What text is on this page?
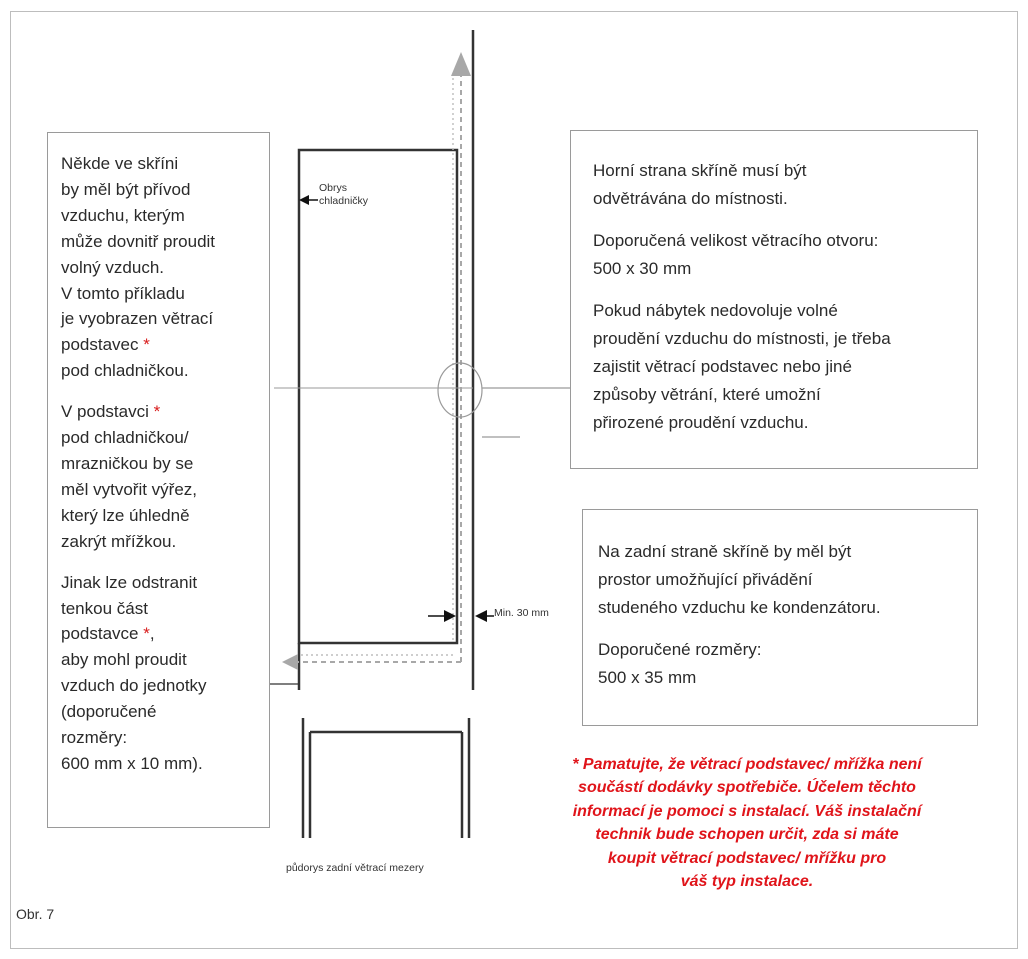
Někde ve skříni
by měl být přívod
vzduchu, kterým
může dovnitř proudit
volný vzduch.
V tomto příkladu
je vyobrazen větrací
podstavec *
pod chladničkou.
V podstavci *
pod chladničkou/
mrazničkou by se
měl vytvořit výřez,
který lze úhledně
zakrýt mřížkou.
Jinak lze odstranit
tenkou část
podstavce *,
aby mohl proudit
vzduch do jednotky
(doporučené
rozměry:
600 mm x 10 mm).
Horní strana skříně musí být
odvětrávána do místnosti.
Doporučená velikost větracího otvoru:
500 x 30 mm
Pokud nábytek nedovoluje volné
proudění vzduchu do místnosti, je třeba
zajistit větrací podstavec nebo jiné
způsoby větrání, které umožní
přirozené proudění vzduchu.
Na zadní straně skříně by měl být
prostor umožňující přivádění
studeného vzduchu ke kondenzátoru.
Doporučené rozměry:
500 x 35 mm
* Pamatujte, že větrací podstavec/ mřížka není
součástí dodávky spotřebiče. Účelem těchto
informací je pomoci s instalací. Váš instalační
technik bude schopen určit, zda si máte
koupit větrací podstavec/ mřížku pro
váš typ instalace.
Obrys
chladničky
Min. 30 mm
půdorys zadní větrací mezery
Obr. 7
